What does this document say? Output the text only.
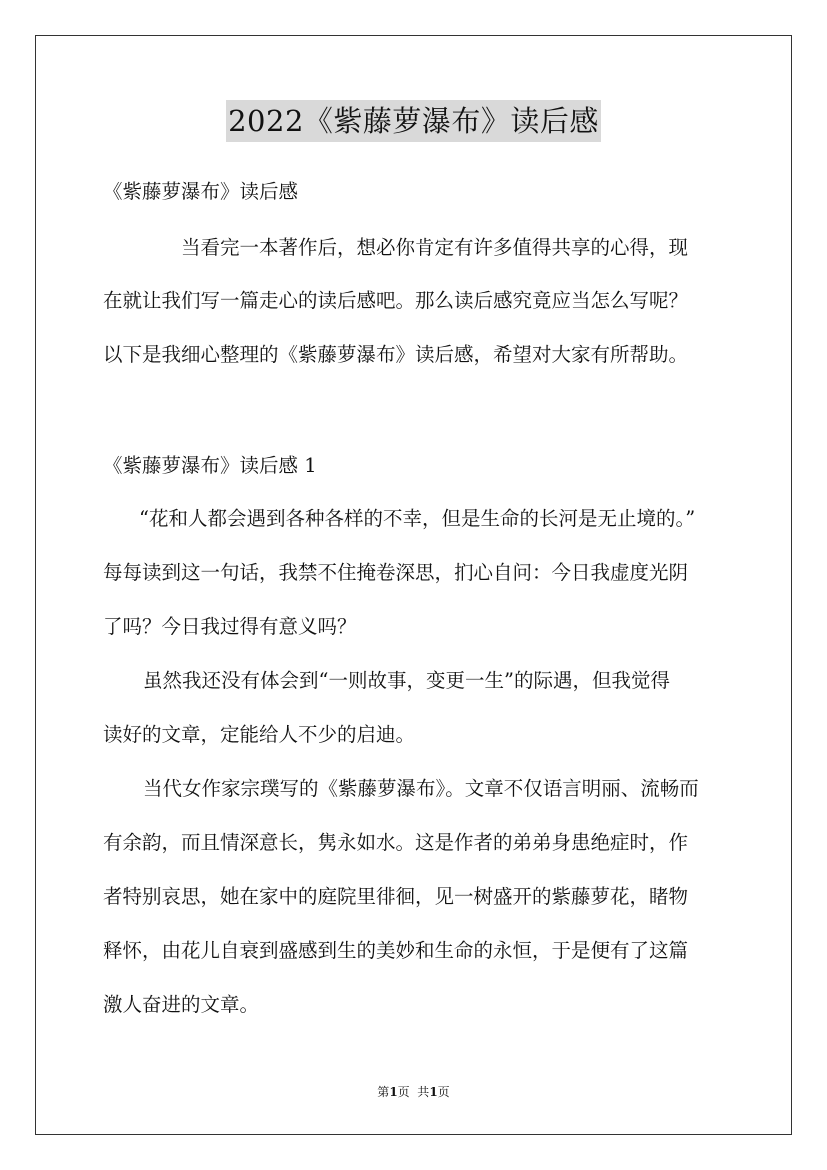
2022《紫藤萝瀑布》读后感
《紫藤萝瀑布》读后感
当看完一本著作后，想必你肯定有许多值得共享的心得，现
在就让我们写一篇走心的读后感吧。那么读后感究竟应当怎么写呢？
以下是我细心整理的《紫藤萝瀑布》读后感，希望对大家有所帮助。
《紫藤萝瀑布》读后感 1
“花和人都会遇到各种各样的不幸，但是生命的长河是无止境的。”
每每读到这一句话，我禁不住掩卷深思，扪心自问：今日我虚度光阴
了吗？今日我过得有意义吗？
虽然我还没有体会到“一则故事，变更一生”的际遇，但我觉得
读好的文章，定能给人不少的启迪。
当代女作家宗璞写的《紫藤萝瀑布》。文章不仅语言明丽、流畅而
有余韵，而且情深意长，隽永如水。这是作者的弟弟身患绝症时，作
者特别哀思，她在家中的庭院里徘徊，见一树盛开的紫藤萝花，睹物
释怀，由花儿自衰到盛感到生的美妙和生命的永恒，于是便有了这篇
激人奋进的文章。
第1页  共1页
